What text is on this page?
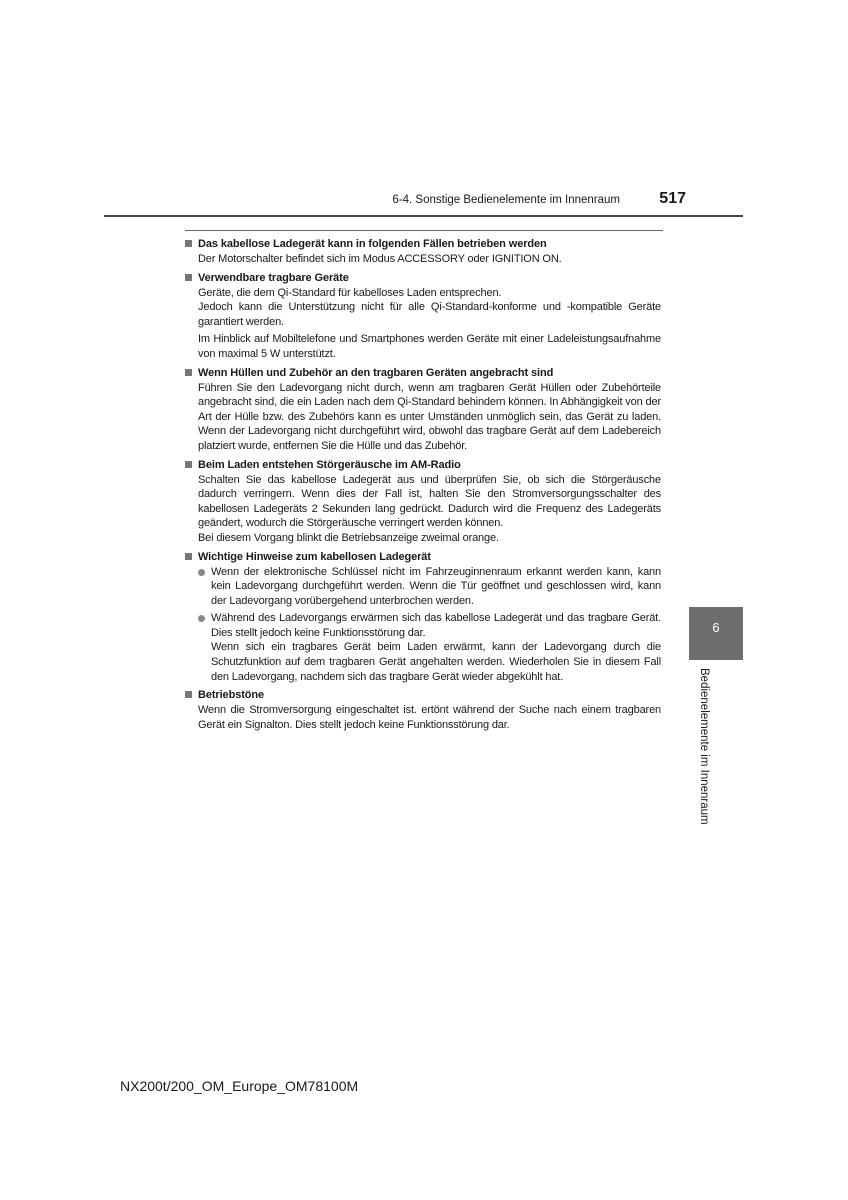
6-4. Sonstige Bedienelemente im Innenraum	517
Das kabellose Ladegerät kann in folgenden Fällen betrieben werden
Der Motorschalter befindet sich im Modus ACCESSORY oder IGNITION ON.
Verwendbare tragbare Geräte
Geräte, die dem Qi-Standard für kabelloses Laden entsprechen.
Jedoch kann die Unterstützung nicht für alle Qi-Standard-konforme und -kompatible Geräte garantiert werden.
Im Hinblick auf Mobiltelefone und Smartphones werden Geräte mit einer Ladeleistungsaufnahme von maximal 5 W unterstützt.
Wenn Hüllen und Zubehör an den tragbaren Geräten angebracht sind
Führen Sie den Ladevorgang nicht durch, wenn am tragbaren Gerät Hüllen oder Zubehörteile angebracht sind, die ein Laden nach dem Qi-Standard behindern können. In Abhängigkeit von der Art der Hülle bzw. des Zubehörs kann es unter Umständen unmöglich sein, das Gerät zu laden. Wenn der Ladevorgang nicht durchgeführt wird, obwohl das tragbare Gerät auf dem Ladebereich platziert wurde, entfernen Sie die Hülle und das Zubehör.
Beim Laden entstehen Störgeräusche im AM-Radio
Schalten Sie das kabellose Ladegerät aus und überprüfen Sie, ob sich die Störgeräusche dadurch verringern. Wenn dies der Fall ist, halten Sie den Stromversorgungsschalter des kabellosen Ladegeräts 2 Sekunden lang gedrückt. Dadurch wird die Frequenz des Ladegeräts geändert, wodurch die Störgeräusche verringert werden können.
Bei diesem Vorgang blinkt die Betriebsanzeige zweimal orange.
Wichtige Hinweise zum kabellosen Ladegerät
Wenn der elektronische Schlüssel nicht im Fahrzeuginnenraum erkannt werden kann, kann kein Ladevorgang durchgeführt werden. Wenn die Tür geöffnet und geschlossen wird, kann der Ladevorgang vorübergehend unterbrochen werden.
Während des Ladevorgangs erwärmen sich das kabellose Ladegerät und das tragbare Gerät. Dies stellt jedoch keine Funktionsstörung dar.
Wenn sich ein tragbares Gerät beim Laden erwärmt, kann der Ladevorgang durch die Schutzfunktion auf dem tragbaren Gerät angehalten werden. Wiederholen Sie in diesem Fall den Ladevorgang, nachdem sich das tragbare Gerät wieder abgekühlt hat.
Betriebstöne
Wenn die Stromversorgung eingeschaltet ist. ertönt während der Suche nach einem tragbaren Gerät ein Signalton. Dies stellt jedoch keine Funktionsstörung dar.
6
Bedienelemente im Innenraum
NX200t/200_OM_Europe_OM78100M
